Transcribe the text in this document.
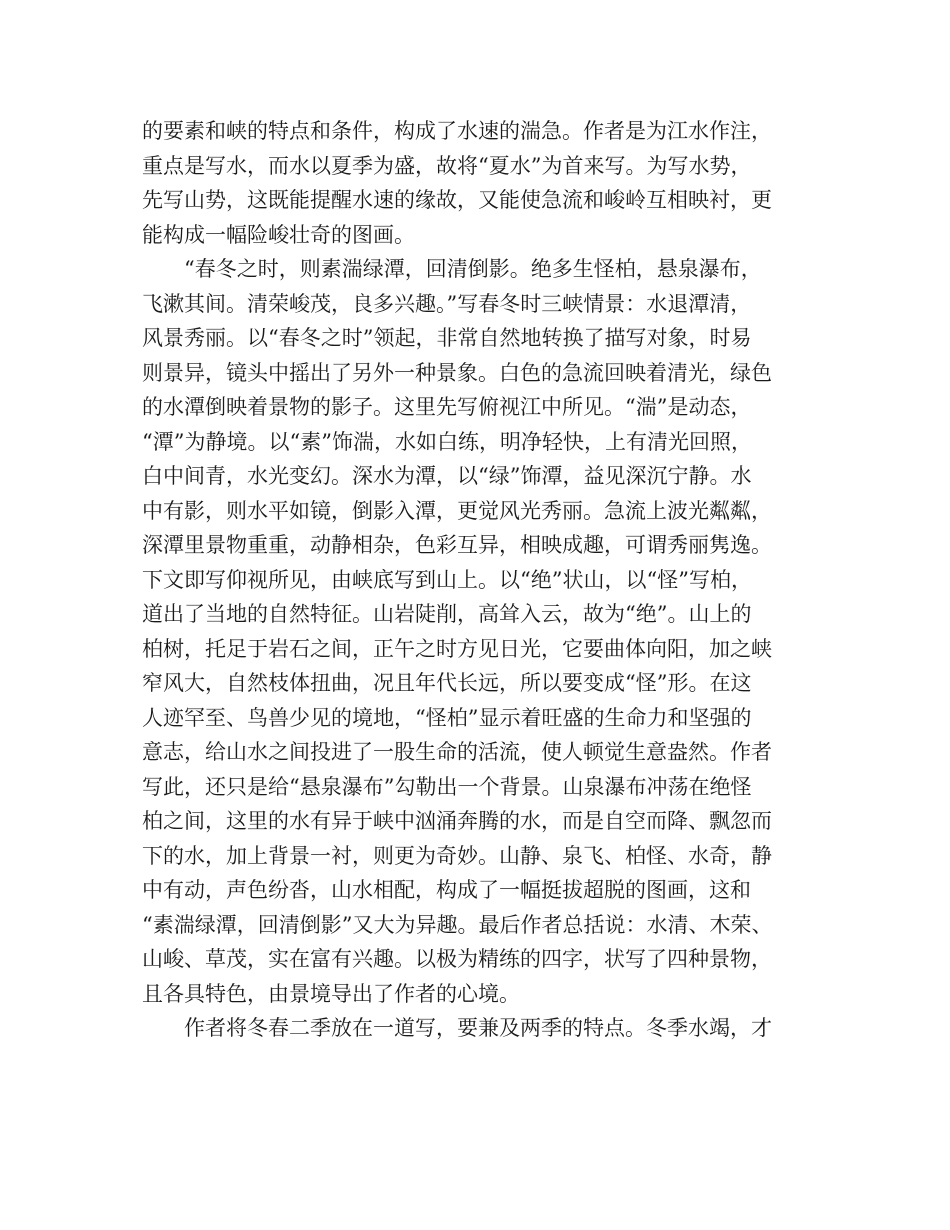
的要素和峡的特点和条件，构成了水速的湍急。作者是为江水作注，
重点是写水，而水以夏季为盛，故将“夏水”为首来写。为写水势，
先写山势，这既能提醒水速的缘故，又能使急流和峻岭互相映衬，更
能构成一幅险峻壮奇的图画。
“春冬之时，则素湍绿潭，回清倒影。绝多生怪柏，悬泉瀑布，
飞漱其间。清荣峻茂，良多兴趣。”写春冬时三峡情景：水退潭清，
风景秀丽。以“春冬之时”领起，非常自然地转换了描写对象，时易
则景异，镜头中摇出了另外一种景象。白色的急流回映着清光，绿色
的水潭倒映着景物的影子。这里先写俯视江中所见。“湍”是动态，
“潭”为静境。以“素”饰湍，水如白练，明净轻快，上有清光回照，
白中间青，水光变幻。深水为潭，以“绿”饰潭，益见深沉宁静。水
中有影，则水平如镜，倒影入潭，更觉风光秀丽。急流上波光粼粼，
深潭里景物重重，动静相杂，色彩互异，相映成趣，可谓秀丽隽逸。
下文即写仰视所见，由峡底写到山上。以“绝”状山，以“怪”写柏，
道出了当地的自然特征。山岩陡削，高耸入云，故为“绝”。山上的
柏树，托足于岩石之间，正午之时方见日光，它要曲体向阳，加之峡
窄风大，自然枝体扭曲，况且年代长远，所以要变成“怪”形。在这
人迹罕至、鸟兽少见的境地，“怪柏”显示着旺盛的生命力和坚强的
意志，给山水之间投进了一股生命的活流，使人顿觉生意盎然。作者
写此，还只是给“悬泉瀑布”勾勒出一个背景。山泉瀑布冲荡在绝怪
柏之间，这里的水有异于峡中汹涌奔腾的水，而是自空而降、飘忽而
下的水，加上背景一衬，则更为奇妙。山静、泉飞、柏怪、水奇，静
中有动，声色纷沓，山水相配，构成了一幅挺拔超脱的图画，这和
“素湍绿潭，回清倒影”又大为异趣。最后作者总括说：水清、木荣、
山峻、草茂，实在富有兴趣。以极为精练的四字，状写了四种景物，
且各具特色，由景境导出了作者的心境。
作者将冬春二季放在一道写，要兼及两季的特点。冬季水竭，才
